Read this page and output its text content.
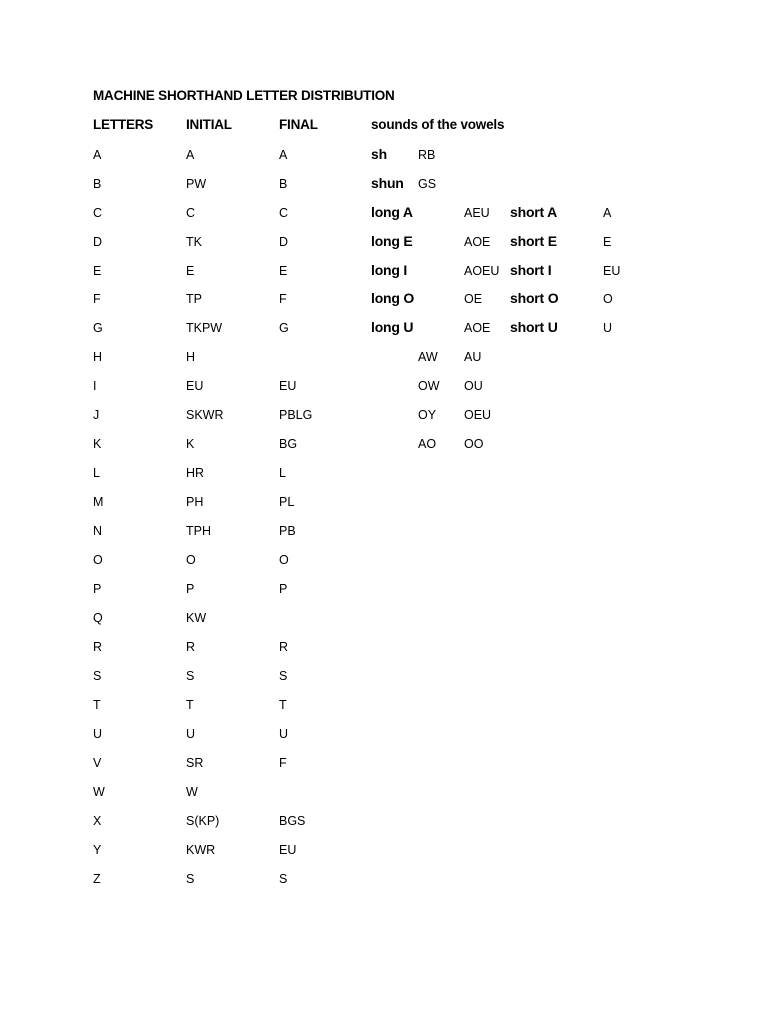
MACHINE SHORTHAND LETTER DISTRIBUTION
LETTERS INITIAL	FINAL	sounds of the vowels
A	A	A
B	PW	B
C	C	C
D	TK	D
E	E	E
F	TP	F
G	TKPW	G
H	H
I	EU	EU
J	SKWR	PBLG
K	K	BG
L	HR	L
M	PH	PL
N	TPH	PB
O	O	O
P	P	P
Q	KW
R	R	R
S	S	S
T	T	T
U	U	U
V	SR	F
W	W
X	S(KP)	BGS
Y	KWR	EU
Z	S	S
sh RB
shun GS
long A	AEU short A	A
long E	AOE short E	E
long I	AOEU short I	EU
long O	OE short O	O
long U	AOE short U	U
AW AU
OW OU
OY OEU
AO OO
